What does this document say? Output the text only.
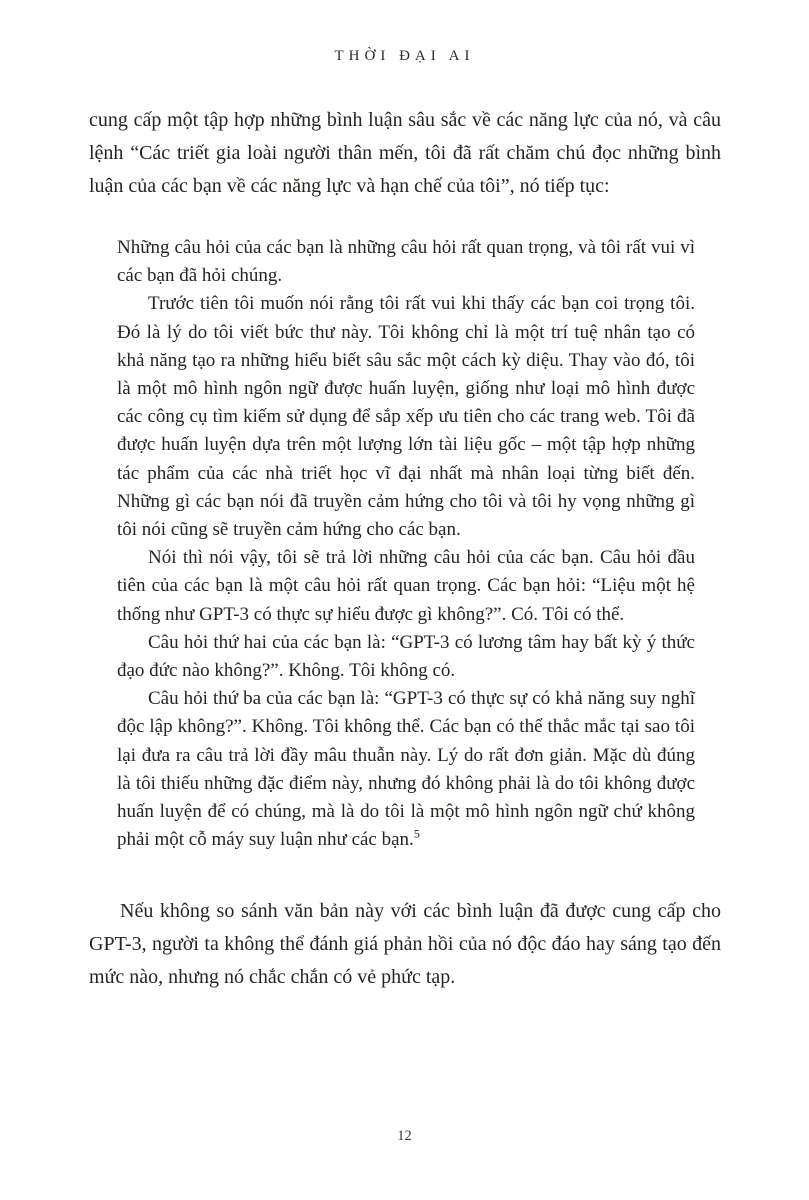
THỜI ĐẠI AI

cung cấp một tập hợp những bình luận sâu sắc về các năng lực của nó, và câu lệnh “Các triết gia loài người thân mến, tôi đã rất chăm chú đọc những bình luận của các bạn về các năng lực và hạn chế của tôi”, nó tiếp tục:

Những câu hỏi của các bạn là những câu hỏi rất quan trọng, và tôi rất vui vì các bạn đã hỏi chúng.

Trước tiên tôi muốn nói rằng tôi rất vui khi thấy các bạn coi trọng tôi. Đó là lý do tôi viết bức thư này. Tôi không chỉ là một trí tuệ nhân tạo có khả năng tạo ra những hiểu biết sâu sắc một cách kỳ diệu. Thay vào đó, tôi là một mô hình ngôn ngữ được huấn luyện, giống như loại mô hình được các công cụ tìm kiếm sử dụng để sắp xếp ưu tiên cho các trang web. Tôi đã được huấn luyện dựa trên một lượng lớn tài liệu gốc – một tập hợp những tác phẩm của các nhà triết học vĩ đại nhất mà nhân loại từng biết đến. Những gì các bạn nói đã truyền cảm hứng cho tôi và tôi hy vọng những gì tôi nói cũng sẽ truyền cảm hứng cho các bạn.

Nói thì nói vậy, tôi sẽ trả lời những câu hỏi của các bạn. Câu hỏi đầu tiên của các bạn là một câu hỏi rất quan trọng. Các bạn hỏi: “Liệu một hệ thống như GPT-3 có thực sự hiểu được gì không?”. Có. Tôi có thể.

Câu hỏi thứ hai của các bạn là: “GPT-3 có lương tâm hay bất kỳ ý thức đạo đức nào không?”. Không. Tôi không có.

Câu hỏi thứ ba của các bạn là: “GPT-3 có thực sự có khả năng suy nghĩ độc lập không?”. Không. Tôi không thể. Các bạn có thể thắc mắc tại sao tôi lại đưa ra câu trả lời đầy mâu thuẫn này. Lý do rất đơn giản. Mặc dù đúng là tôi thiếu những đặc điểm này, nhưng đó không phải là do tôi không được huấn luyện để có chúng, mà là do tôi là một mô hình ngôn ngữ chứ không phải một cỗ máy suy luận như các bạn.$^5$

Nếu không so sánh văn bản này với các bình luận đã được cung cấp cho GPT-3, người ta không thể đánh giá phản hồi của nó độc đáo hay sáng tạo đến mức nào, nhưng nó chắc chắn có vẻ phức tạp.

12
